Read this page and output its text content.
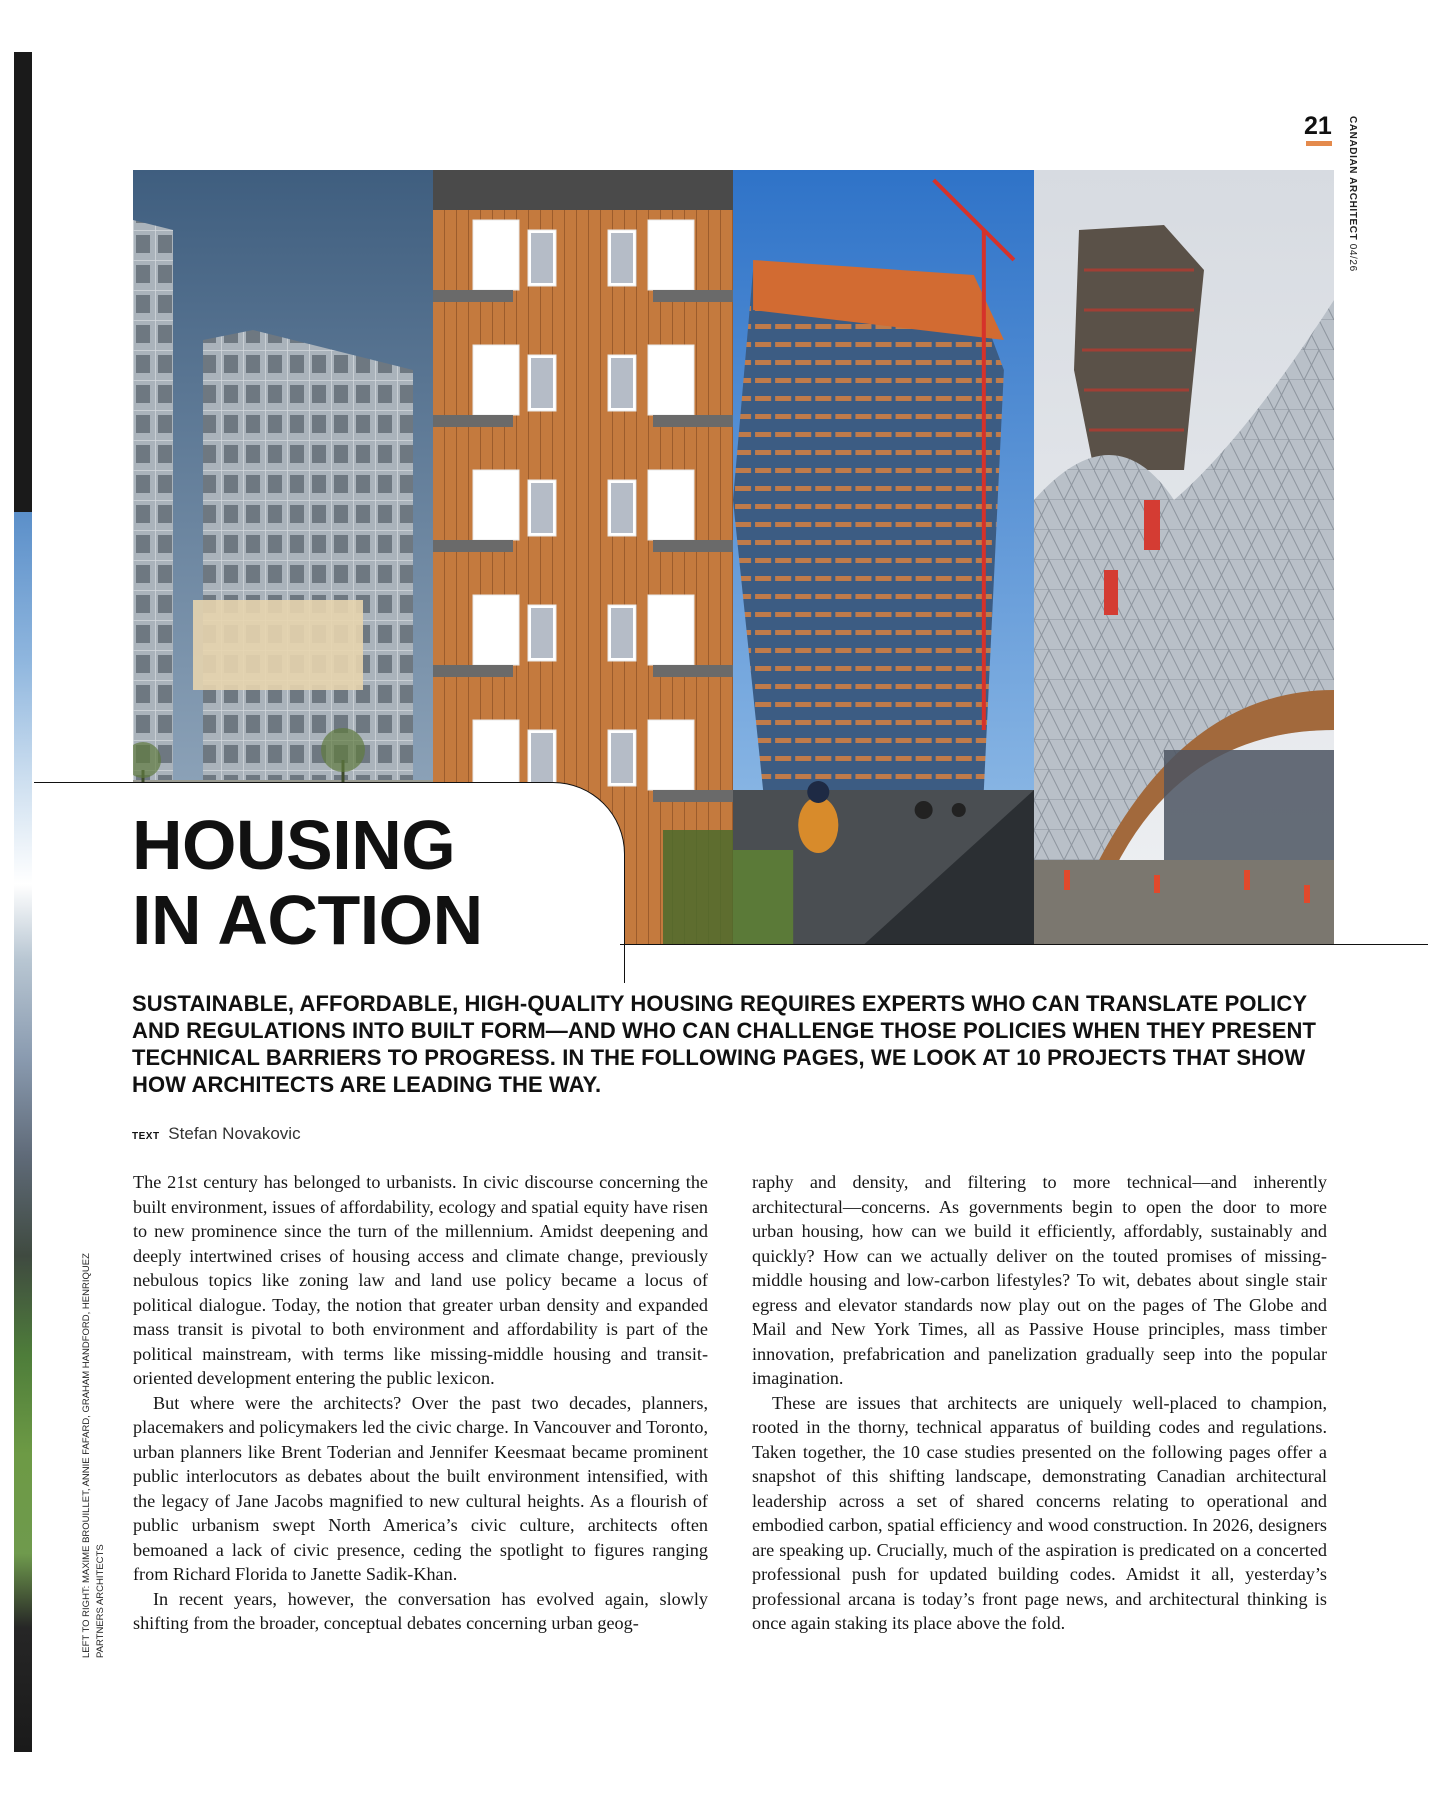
21 CANADIAN ARCHITECT 04/26
HOUSING
IN ACTION

SUSTAINABLE, AFFORDABLE, HIGH-QUALITY HOUSING REQUIRES EXPERTS WHO CAN TRANSLATE POLICY AND REGULATIONS INTO BUILT FORM—AND WHO CAN CHALLENGE THOSE POLICIES WHEN THEY PRESENT TECHNICAL BARRIERS TO PROGRESS. IN THE FOLLOWING PAGES, WE LOOK AT 10 PROJECTS THAT SHOW HOW ARCHITECTS ARE LEADING THE WAY.

TEXT Stefan Novakovic

The 21st century has belonged to urbanists. In civic discourse concerning the built environment, issues of affordability, ecology and spatial equity have risen to new prominence since the turn of the millennium. Amidst deepening and deeply intertwined crises of housing access and climate change, previously nebulous topics like zoning law and land use policy became a locus of political dialogue. Today, the notion that greater urban density and expanded mass transit is pivotal to both environment and affordability is part of the political mainstream, with terms like missing-middle housing and transit-oriented development entering the public lexicon.

But where were the architects? Over the past two decades, planners, placemakers and policymakers led the civic charge. In Vancouver and Toronto, urban planners like Brent Toderian and Jennifer Keesmaat became prominent public interlocutors as debates about the built environment intensified, with the legacy of Jane Jacobs magnified to new cultural heights. As a flourish of public urbanism swept North America’s civic culture, architects often bemoaned a lack of civic presence, ceding the spotlight to figures ranging from Richard Florida to Janette Sadik-Khan.

In recent years, however, the conversation has evolved again, slowly shifting from the broader, conceptual debates concerning urban geog-

raphy and density, and filtering to more technical—and inherently architectural—concerns. As governments begin to open the door to more urban housing, how can we build it efficiently, affordably, sustainably and quickly? How can we actually deliver on the touted promises of missing-middle housing and low-carbon lifestyles? To wit, debates about single stair egress and elevator standards now play out on the pages of The Globe and Mail and New York Times, all as Passive House principles, mass timber innovation, prefabrication and panelization gradually seep into the popular imagination.

These are issues that architects are uniquely well-placed to champion, rooted in the thorny, technical apparatus of building codes and regulations. Taken together, the 10 case studies presented on the following pages offer a snapshot of this shifting landscape, demonstrating Canadian architectural leadership across a set of shared concerns relating to operational and embodied carbon, spatial efficiency and wood construction. In 2026, designers are speaking up. Crucially, much of the aspiration is predicated on a concerted professional push for updated building codes. Amidst it all, yesterday’s professional arcana is today’s front page news, and architectural thinking is once again staking its place above the fold.

LEFT TO RIGHT: MAXIME BROUILLET, ANNIE FAFARD, GRAHAM HANDFORD, HENRIQUEZ PARTNERS ARCHITECTS
